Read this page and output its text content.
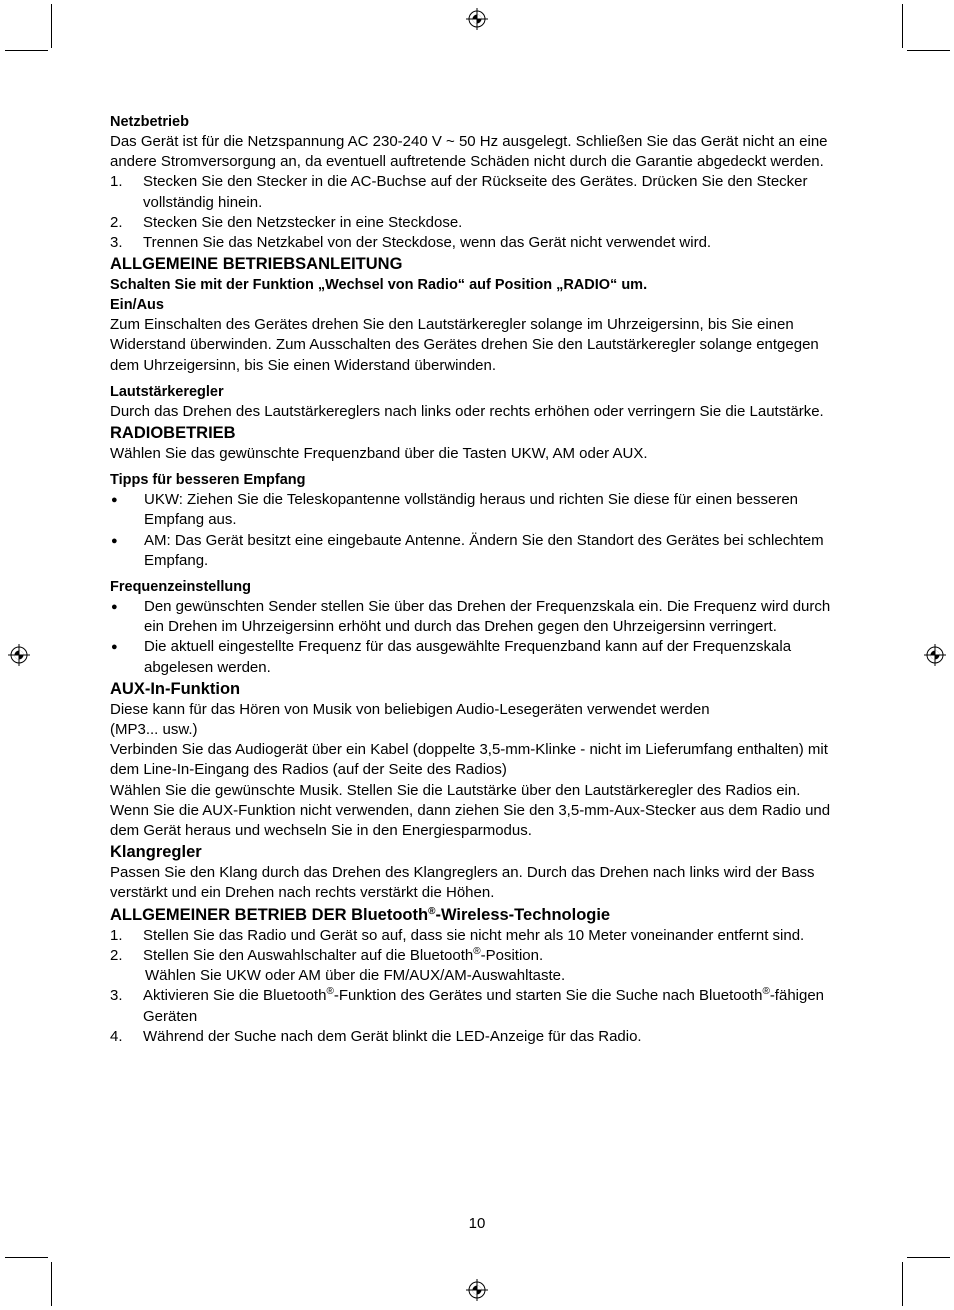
Netzbetrieb

Das Gerät ist für die Netzspannung AC 230-240 V ~ 50 Hz ausgelegt. Schließen Sie das Gerät nicht an eine andere Stromversorgung an, da eventuell auftretende Schäden nicht durch die Garantie abgedeckt werden.

1. Stecken Sie den Stecker in die AC-Buchse auf der Rückseite des Gerätes. Drücken Sie den Stecker vollständig hinein.
2. Stecken Sie den Netzstecker in eine Steckdose.
3. Trennen Sie das Netzkabel von der Steckdose, wenn das Gerät nicht verwendet wird.

ALLGEMEINE BETRIEBSANLEITUNG

Schalten Sie mit der Funktion „Wechsel von Radio“ auf Position „RADIO“ um.

Ein/Aus

Zum Einschalten des Gerätes drehen Sie den Lautstärkeregler solange im Uhrzeigersinn, bis Sie einen Widerstand überwinden. Zum Ausschalten des Gerätes drehen Sie den Lautstärkeregler solange entgegen dem Uhrzeigersinn, bis Sie einen Widerstand überwinden.

Lautstärkeregler

Durch das Drehen des Lautstärkereglers nach links oder rechts erhöhen oder verringern Sie die Lautstärke.

RADIOBETRIEB

Wählen Sie das gewünschte Frequenzband über die Tasten UKW, AM oder AUX.

Tipps für besseren Empfang

● UKW: Ziehen Sie die Teleskopantenne vollständig heraus und richten Sie diese für einen besseren Empfang aus.
● AM: Das Gerät besitzt eine eingebaute Antenne. Ändern Sie den Standort des Gerätes bei schlechtem Empfang.

Frequenzeinstellung

● Den gewünschten Sender stellen Sie über das Drehen der Frequenzskala ein. Die Frequenz wird durch ein Drehen im Uhrzeigersinn erhöht und durch das Drehen gegen den Uhrzeigersinn verringert.
● Die aktuell eingestellte Frequenz für das ausgewählte Frequenzband kann auf der Frequenzskala abgelesen werden.

AUX-In-Funktion

Diese kann für das Hören von Musik von beliebigen Audio-Lesegeräten verwendet werden

(MP3... usw.)

Verbinden Sie das Audiogerät über ein Kabel (doppelte 3,5-mm-Klinke - nicht im Lieferumfang enthalten) mit dem Line-In-Eingang des Radios (auf der Seite des Radios)

Wählen Sie die gewünschte Musik. Stellen Sie die Lautstärke über den Lautstärkeregler des Radios ein.

Wenn Sie die AUX-Funktion nicht verwenden, dann ziehen Sie den 3,5-mm-Aux-Stecker aus dem Radio und dem Gerät heraus und wechseln Sie in den Energiesparmodus.

Klangregler

Passen Sie den Klang durch das Drehen des Klangreglers an. Durch das Drehen nach links wird der Bass verstärkt und ein Drehen nach rechts verstärkt die Höhen.

ALLGEMEINER BETRIEB DER Bluetooth®-Wireless-Technologie

1. Stellen Sie das Radio und Gerät so auf, dass sie nicht mehr als 10 Meter voneinander entfernt sind.
2. Stellen Sie den Auswahlschalter auf die Bluetooth®-Position.
Wählen Sie UKW oder AM über die FM/AUX/AM-Auswahltaste.
3. Aktivieren Sie die Bluetooth®-Funktion des Gerätes und starten Sie die Suche nach Bluetooth®-fähigen Geräten
4. Während der Suche nach dem Gerät blinkt die LED-Anzeige für das Radio.
10
